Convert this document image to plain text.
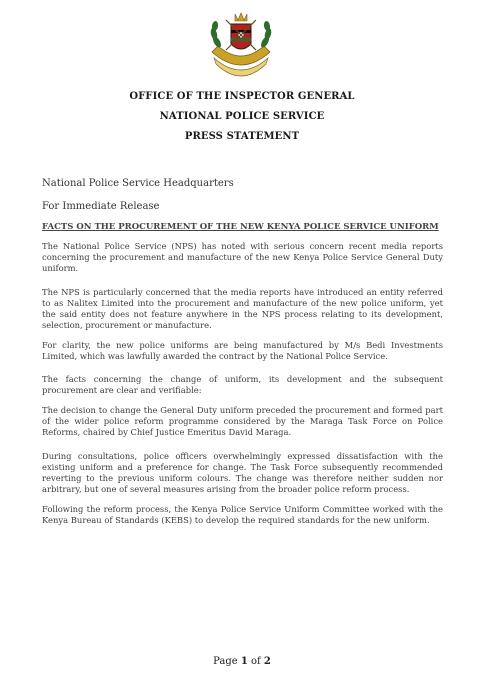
OFFICE OF THE INSPECTOR GENERAL
NATIONAL POLICE SERVICE
PRESS STATEMENT
National Police Service Headquarters
For Immediate Release
FACTS ON THE PROCUREMENT OF THE NEW KENYA POLICE SERVICE UNIFORM

The National Police Service (NPS) has noted with serious concern recent media reports concerning the procurement and manufacture of the new Kenya Police Service General Duty uniform.

The NPS is particularly concerned that the media reports have introduced an entity referred to as Nalitex Limited into the procurement and manufacture of the new police uniform, yet the said entity does not feature anywhere in the NPS process relating to its development, selection, procurement or manufacture.

For clarity, the new police uniforms are being manufactured by M/s Bedi Investments Limited, which was lawfully awarded the contract by the National Police Service.

The facts concerning the change of uniform, its development and the subsequent procurement are clear and verifiable:

The decision to change the General Duty uniform preceded the procurement and formed part of the wider police reform programme considered by the Maraga Task Force on Police Reforms, chaired by Chief Justice Emeritus David Maraga.

During consultations, police officers overwhelmingly expressed dissatisfaction with the existing uniform and a preference for change. The Task Force subsequently recommended reverting to the previous uniform colours. The change was therefore neither sudden nor arbitrary, but one of several measures arising from the broader police reform process.

Following the reform process, the Kenya Police Service Uniform Committee worked with the Kenya Bureau of Standards (KEBS) to develop the required standards for the new uniform.

Page 1 of 2
